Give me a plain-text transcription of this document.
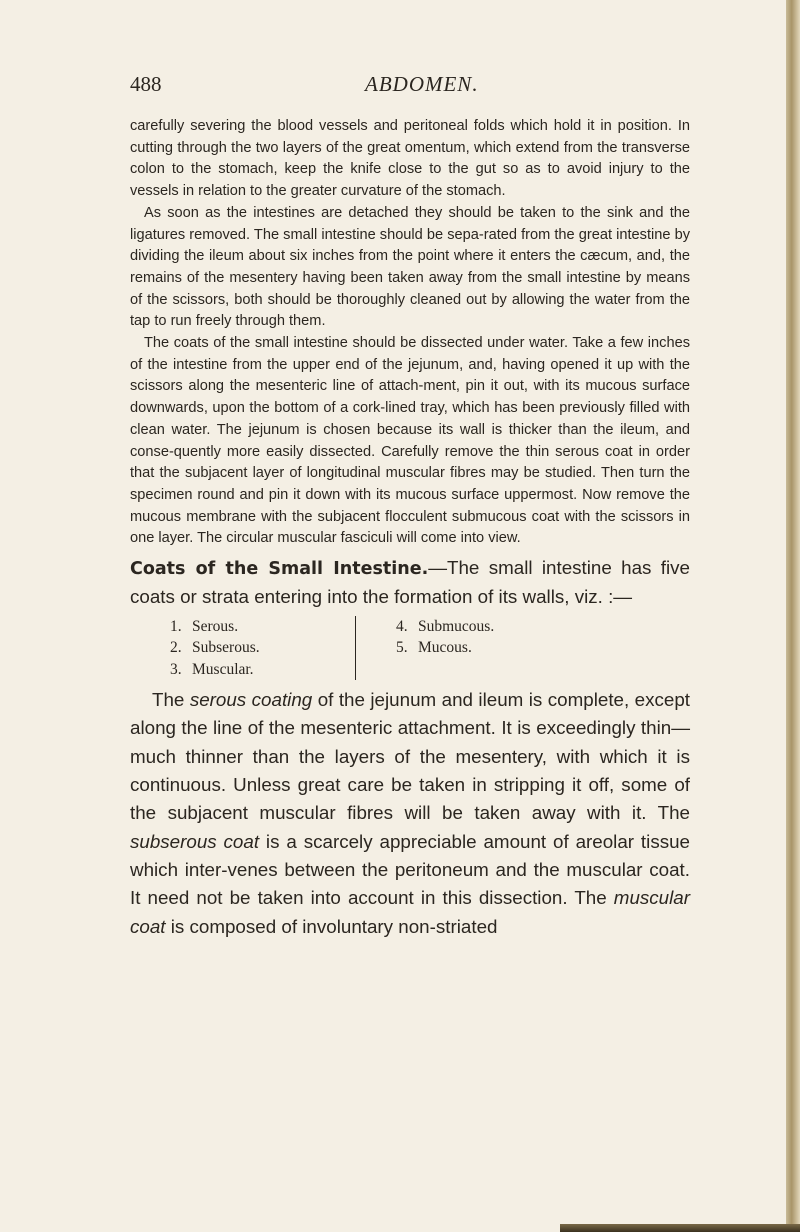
488	ABDOMEN.

carefully severing the blood vessels and peritoneal folds which hold it in position. In cutting through the two layers of the great omentum, which extend from the transverse colon to the stomach, keep the knife close to the gut so as to avoid injury to the vessels in relation to the greater curvature of the stomach.

As soon as the intestines are detached they should be taken to the sink and the ligatures removed. The small intestine should be sepa-rated from the great intestine by dividing the ileum about six inches from the point where it enters the cæcum, and, the remains of the mesentery having been taken away from the small intestine by means of the scissors, both should be thoroughly cleaned out by allowing the water from the tap to run freely through them.

The coats of the small intestine should be dissected under water. Take a few inches of the intestine from the upper end of the jejunum, and, having opened it up with the scissors along the mesenteric line of attach-ment, pin it out, with its mucous surface downwards, upon the bottom of a cork-lined tray, which has been previously filled with clean water. The jejunum is chosen because its wall is thicker than the ileum, and conse-quently more easily dissected. Carefully remove the thin serous coat in order that the subjacent layer of longitudinal muscular fibres may be studied. Then turn the specimen round and pin it down with its mucous surface uppermost. Now remove the mucous membrane with the subjacent flocculent submucous coat with the scissors in one layer. The circular muscular fasciculi will come into view.

Coats of the Small Intestine.—The small intestine has five coats or strata entering into the formation of its walls, viz. :—

1. Serous.
2. Subserous.
3. Muscular.
4. Submucous.
5. Mucous.

The serous coating of the jejunum and ileum is complete, except along the line of the mesenteric attachment. It is exceedingly thin—much thinner than the layers of the mesentery, with which it is continuous. Unless great care be taken in stripping it off, some of the subjacent muscular fibres will be taken away with it. The subserous coat is a scarcely appreciable amount of areolar tissue which inter-venes between the peritoneum and the muscular coat. It need not be taken into account in this dissection. The muscular coat is composed of involuntary non-striated
